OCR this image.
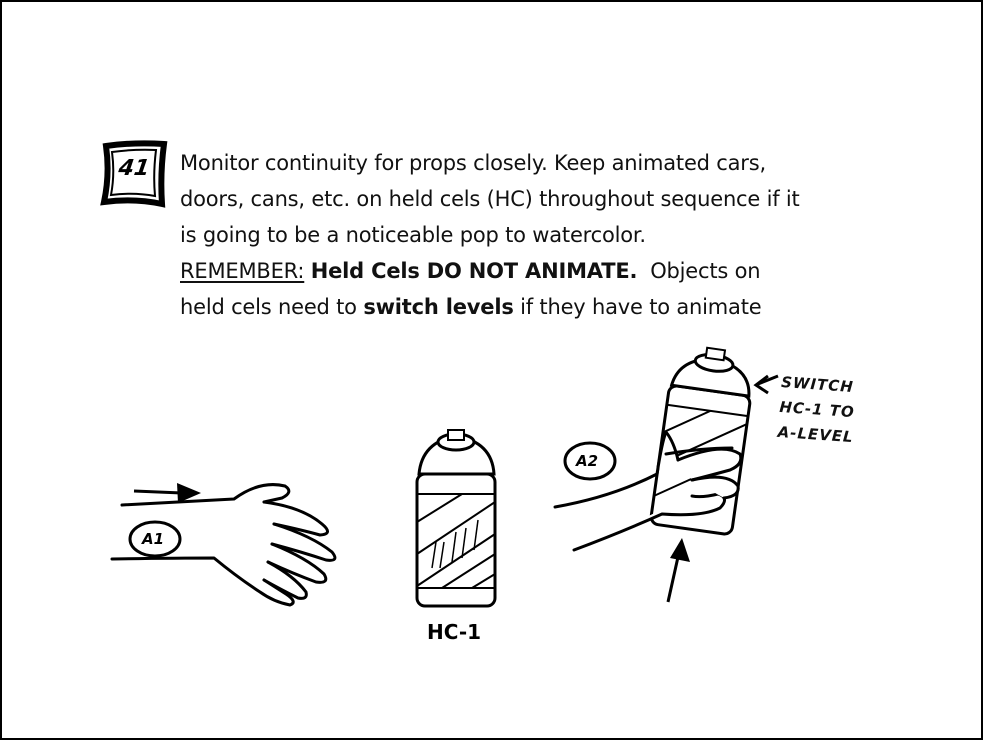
41 Monitor continuity for props closely. Keep animated cars,
doors, cans, etc. on held cels (HC) throughout sequence if it
is going to be a noticeable pop to watercolor.
REMEMBER: Held Cels DO NOT ANIMATE. Objects on
held cels need to switch levels if they have to animate
A1
A2
HC-1
SWITCH
HC-1 TO
A-LEVEL
